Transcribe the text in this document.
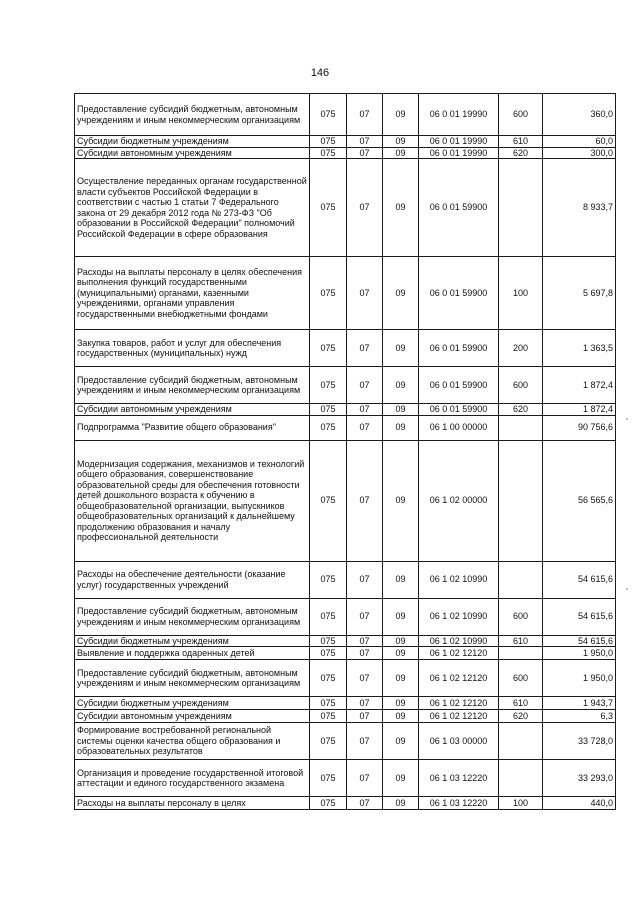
146
Предоставление субсидий бюджетным, автономным учреждениям и иным некоммерческим организациям	075	07	09	06 0 01 19990	600	360,0
Субсидии бюджетным учреждениям	075	07	09	06 0 01 19990	610	60,0
Субсидии автономным учреждениям	075	07	09	06 0 01 19990	620	300,0
Осуществление переданных органам государственной власти субъектов Российской Федерации в соответствии с частью 1 статьи 7 Федерального закона от 29 декабря 2012 года № 273-ФЗ "Об образовании в Российской Федерации" полномочий Российской Федерации в сфере образования	075	07	09	06 0 01 59900		8 933,7
Расходы на выплаты персоналу в целях обеспечения выполнения функций государственными (муниципальными) органами, казенными учреждениями, органами управления государственными внебюджетными фондами	075	07	09	06 0 01 59900	100	5 697,8
Закупка товаров, работ и услуг для обеспечения государственных (муниципальных) нужд	075	07	09	06 0 01 59900	200	1 363,5
Предоставление субсидий бюджетным, автономным учреждениям и иным некоммерческим организациям	075	07	09	06 0 01 59900	600	1 872,4
Субсидии автономным учреждениям	075	07	09	06 0 01 59900	620	1 872,4
Подпрограмма "Развитие общего образования"	075	07	09	06 1 00 00000		90 756,6
Модернизация содержания, механизмов и технологий общего образования, совершенствование образовательной среды для обеспечения готовности детей дошкольного возраста к обучению в общеобразовательной организации, выпускников общеобразовательных организаций к дальнейшему продолжению образования и началу профессиональной деятельности	075	07	09	06 1 02 00000		56 565,6
Расходы на обеспечение деятельности (оказание услуг) государственных учреждений	075	07	09	06 1 02 10990		54 615,6
Предоставление субсидий бюджетным, автономным учреждениям и иным некоммерческим организациям	075	07	09	06 1 02 10990	600	54 615,6
Субсидии бюджетным учреждениям	075	07	09	06 1 02 10990	610	54 615,6
Выявление и поддержка одаренных детей	075	07	09	06 1 02 12120		1 950,0
Предоставление субсидий бюджетным, автономным учреждениям и иным некоммерческим организациям	075	07	09	06 1 02 12120	600	1 950,0
Субсидии бюджетным учреждениям	075	07	09	06 1 02 12120	610	1 943,7
Субсидии автономным учреждениям	075	07	09	06 1 02 12120	620	6,3
Формирование востребованной региональной системы оценки качества общего образования и образовательных результатов	075	07	09	06 1 03 00000		33 728,0
Организация и проведение государственной итоговой аттестации и единого государственного экзамена	075	07	09	06 1 03 12220		33 293,0
Расходы на выплаты персоналу в целях	075	07	09	06 1 03 12220	100	440,0
